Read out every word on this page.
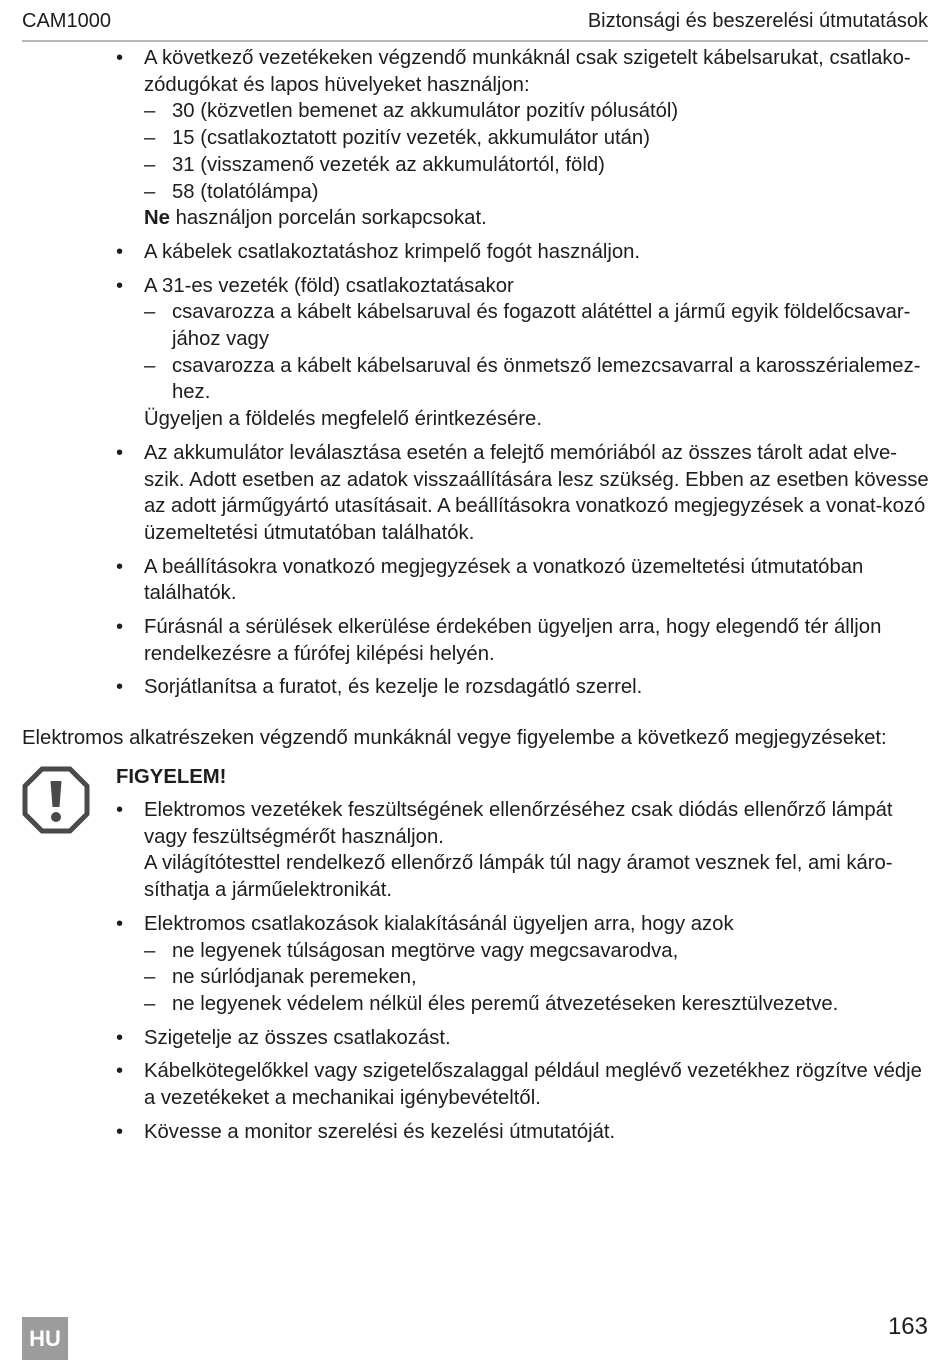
CAM1000	Biztonsági és beszerelési útmutatások
• A következő vezetékeken végzendő munkáknál csak szigetelt kábelsarukat, csatlako-zódugókat és lapos hüvelyeket használjon:
– 30 (közvetlen bemenet az akkumulátor pozitív pólusától)
– 15 (csatlakoztatott pozitív vezeték, akkumulátor után)
– 31 (visszamenő vezeték az akkumulátortól, föld)
– 58 (tolatólámpa)
Ne használjon porcelán sorkapcsokat.
• A kábelek csatlakoztatáshoz krimpelő fogót használjon.
• A 31-es vezeték (föld) csatlakoztatásakor
– csavarozza a kábelt kábelsaruval és fogazott alátéttel a jármű egyik földelőcsavar-jához vagy
– csavarozza a kábelt kábelsaruval és önmetsző lemezcsavarral a karosszérialemez-hez.
Ügyeljen a földelés megfelelő érintkezésére.
• Az akkumulátor leválasztása esetén a felejtő memóriából az összes tárolt adat elve-szik. Adott esetben az adatok visszaállítására lesz szükség. Ebben az esetben kövesse az adott járműgyártó utasításait. A beállításokra vonatkozó megjegyzések a vonat-kozó üzemeltetési útmutatóban találhatók.
• A beállításokra vonatkozó megjegyzések a vonatkozó üzemeltetési útmutatóban találhatók.
• Fúrásnál a sérülések elkerülése érdekében ügyeljen arra, hogy elegendő tér álljon rendelkezésre a fúrófej kilépési helyén.
• Sorjátlanítsa a furatot, és kezelje le rozsdagátló szerrel.
Elektromos alkatrészeken végzendő munkáknál vegye figyelembe a következő megjegyzéseket:
FIGYELEM!
• Elektromos vezetékek feszültségének ellenőrzéséhez csak diódás ellenőrző lámpát vagy feszültségmérőt használjon.
A világítótesttel rendelkező ellenőrző lámpák túl nagy áramot vesznek fel, ami káro-síthatja a járműelektronikát.
• Elektromos csatlakozások kialakításánál ügyeljen arra, hogy azok
– ne legyenek túlságosan megtörve vagy megcsavarodva,
– ne súrlódjanak peremeken,
– ne legyenek védelem nélkül éles peremű átvezetéseken keresztülvezetve.
• Szigetelje az összes csatlakozást.
• Kábelkötegelőkkel vagy szigetelőszalaggal például meglévő vezetékhez rögzítve védje a vezetékeket a mechanikai igénybevételtől.
• Kövesse a monitor szerelési és kezelési útmutatóját.
HU	163
